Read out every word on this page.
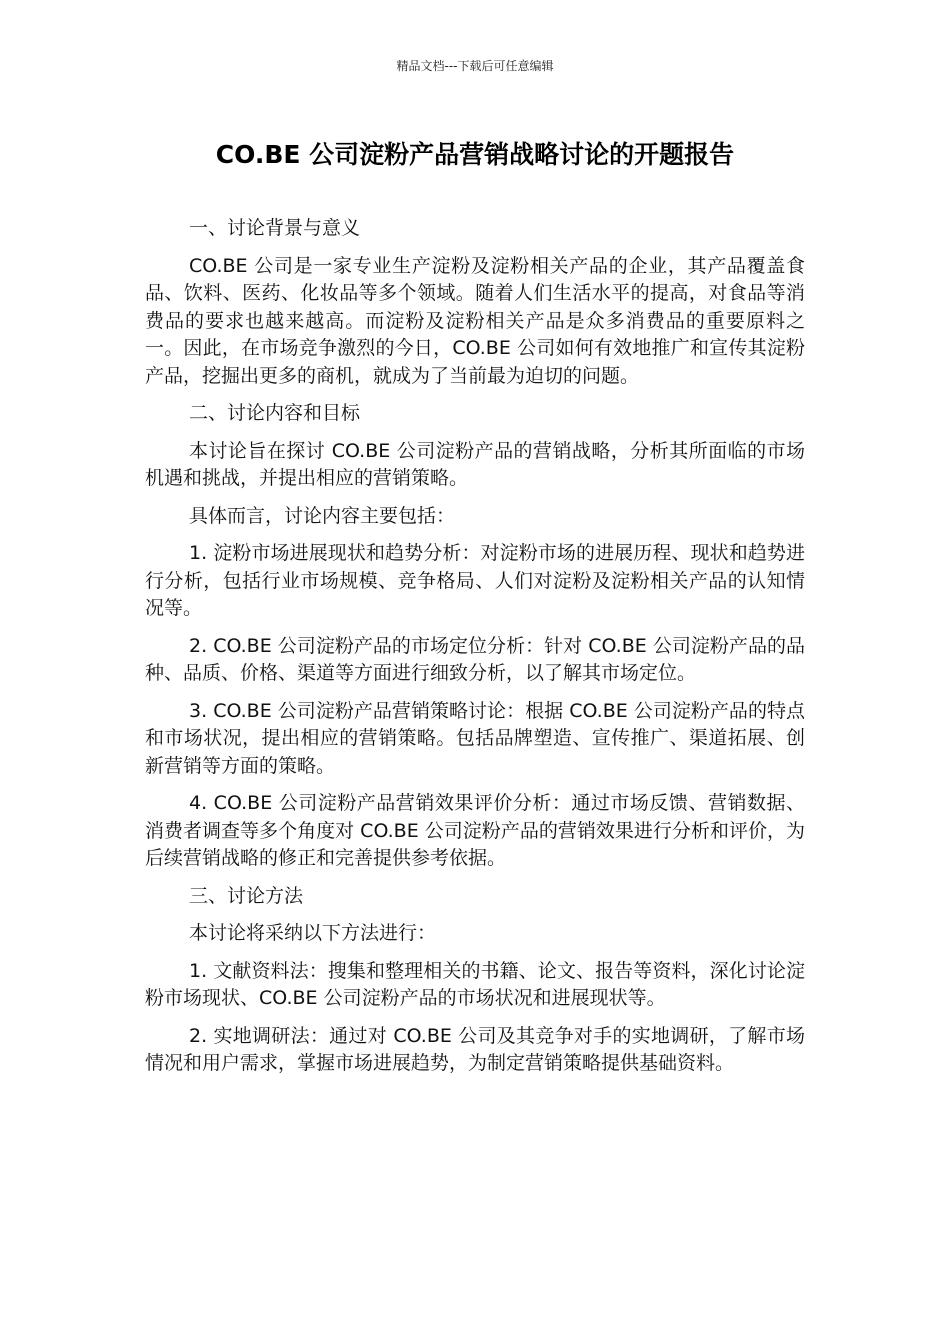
精品文档---下载后可任意编辑
CO.BE 公司淀粉产品营销战略讨论的开题报告

一、讨论背景与意义

CO.BE 公司是一家专业生产淀粉及淀粉相关产品的企业，其产品覆盖食品、饮料、医药、化妆品等多个领域。随着人们生活水平的提高，对食品等消费品的要求也越来越高。而淀粉及淀粉相关产品是众多消费品的重要原料之一。因此，在市场竞争激烈的今日，CO.BE 公司如何有效地推广和宣传其淀粉产品，挖掘出更多的商机，就成为了当前最为迫切的问题。

二、讨论内容和目标

本讨论旨在探讨 CO.BE 公司淀粉产品的营销战略，分析其所面临的市场机遇和挑战，并提出相应的营销策略。

具体而言，讨论内容主要包括：

1. 淀粉市场进展现状和趋势分析：对淀粉市场的进展历程、现状和趋势进行分析，包括行业市场规模、竞争格局、人们对淀粉及淀粉相关产品的认知情况等。

2. CO.BE 公司淀粉产品的市场定位分析：针对 CO.BE 公司淀粉产品的品种、品质、价格、渠道等方面进行细致分析，以了解其市场定位。

3. CO.BE 公司淀粉产品营销策略讨论：根据 CO.BE 公司淀粉产品的特点和市场状况，提出相应的营销策略。包括品牌塑造、宣传推广、渠道拓展、创新营销等方面的策略。

4. CO.BE 公司淀粉产品营销效果评价分析：通过市场反馈、营销数据、消费者调查等多个角度对 CO.BE 公司淀粉产品的营销效果进行分析和评价，为后续营销战略的修正和完善提供参考依据。

三、讨论方法

本讨论将采纳以下方法进行：

1. 文献资料法：搜集和整理相关的书籍、论文、报告等资料，深化讨论淀粉市场现状、CO.BE 公司淀粉产品的市场状况和进展现状等。

2. 实地调研法：通过对 CO.BE 公司及其竞争对手的实地调研，了解市场情况和用户需求，掌握市场进展趋势，为制定营销策略提供基础资料。
